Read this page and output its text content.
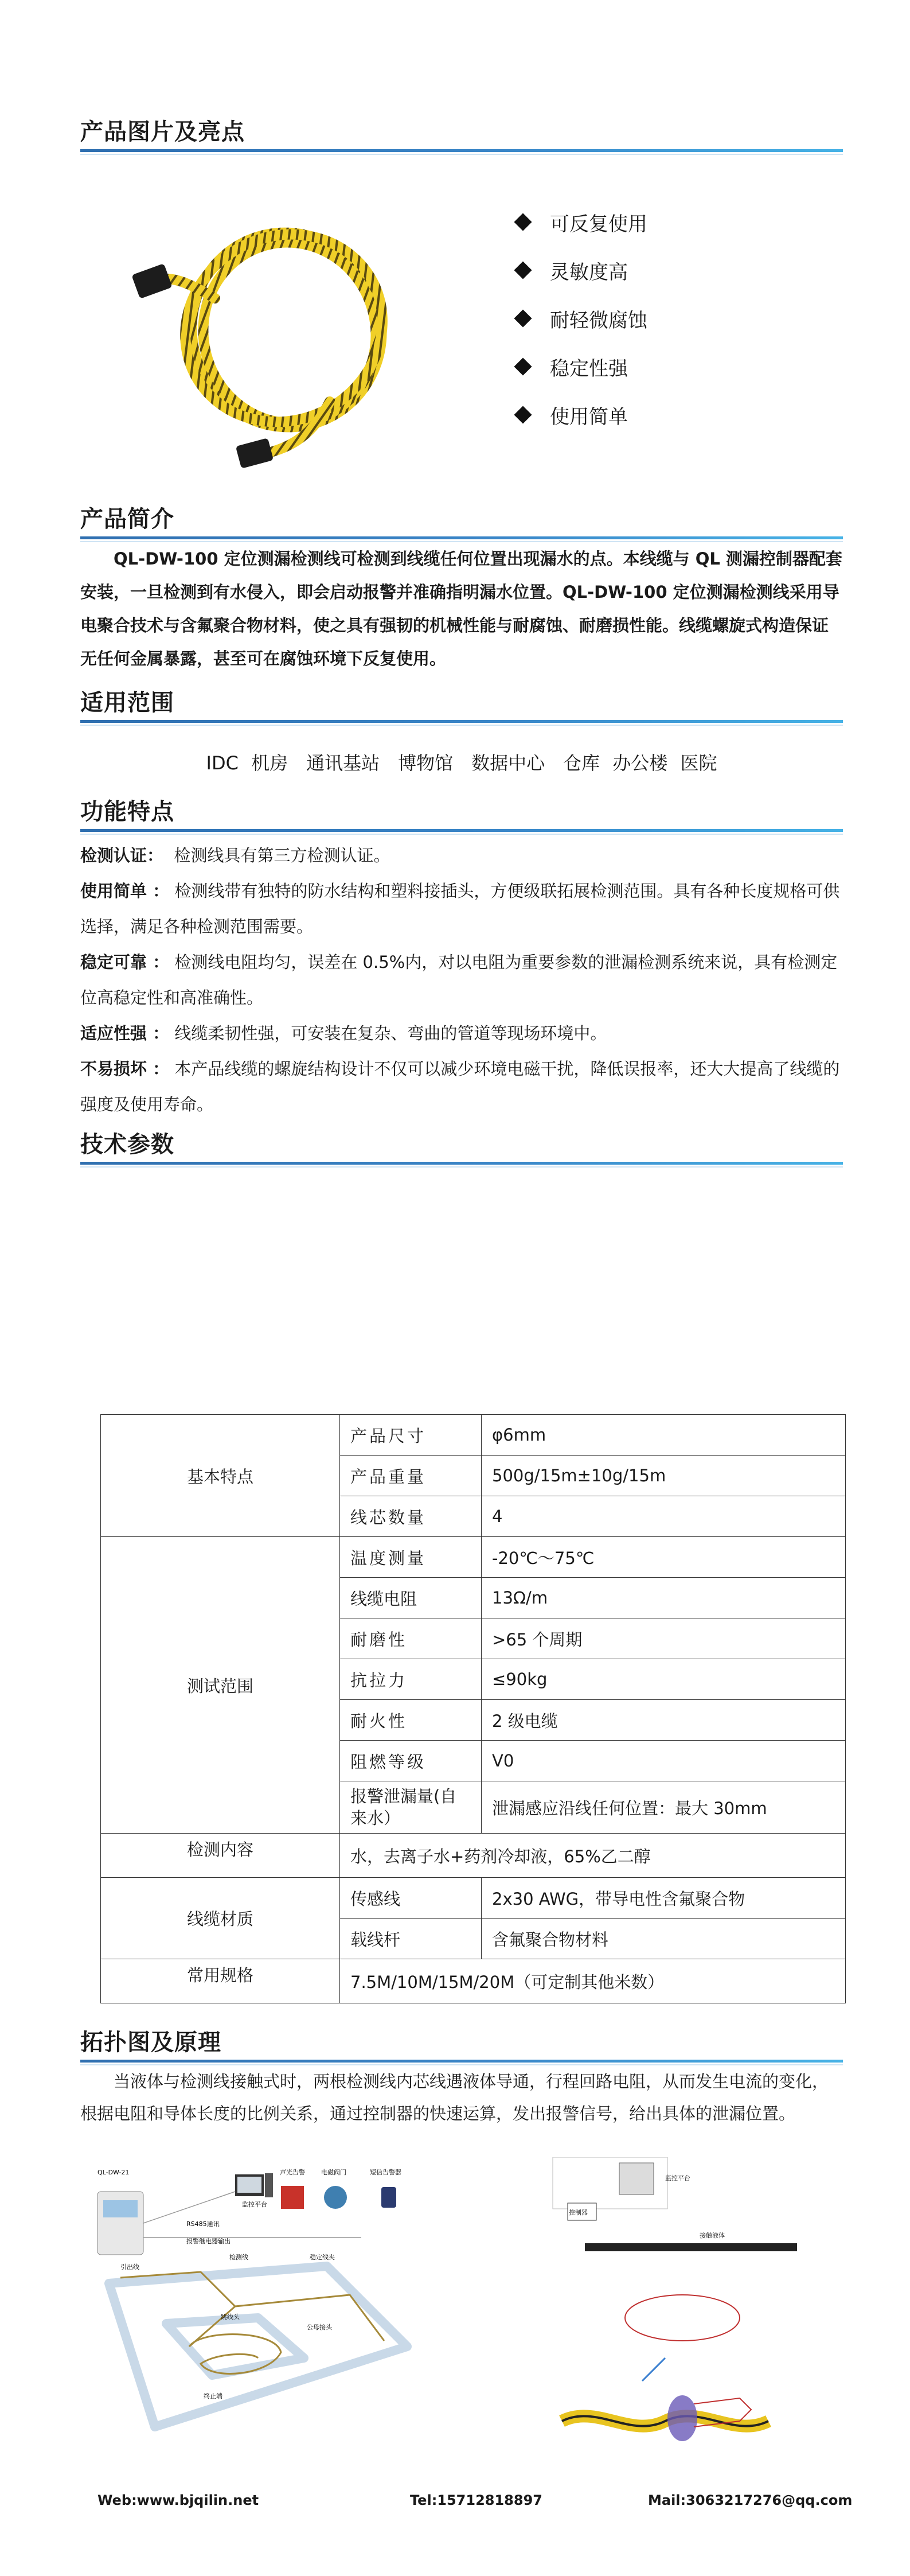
产品图片及亮点
可反复使用
灵敏度高
耐轻微腐蚀
稳定性强
使用简单
产品简介
QL-DW-100 定位测漏检测线可检测到线缆任何位置出现漏水的点。本线缆与 QL 测漏控制器配套安装，一旦检测到有水侵入，即会启动报警并准确指明漏水位置。QL-DW-100 定位测漏检测线采用导电聚合技术与含氟聚合物材料，使之具有强韧的机械性能与耐腐蚀、耐磨损性能。线缆螺旋式构造保证无任何金属暴露，甚至可在腐蚀环境下反复使用。
适用范围
IDC 机房　通讯基站　博物馆　数据中心　仓库 办公楼 医院
功能特点
检测认证： 检测线具有第三方检测认证。
使用简单 ： 检测线带有独特的防水结构和塑料接插头，方便级联拓展检测范围。具有各种长度规格可供选择，满足各种检测范围需要。
稳定可靠 ： 检测线电阻均匀，误差在 0.5%内，对以电阻为重要参数的泄漏检测系统来说，具有检测定位高稳定性和高准确性。
适应性强 ： 线缆柔韧性强，可安装在复杂、弯曲的管道等现场环境中。
不易损坏 ： 本产品线缆的螺旋结构设计不仅可以减少环境电磁干扰，降低误报率，还大大提高了线缆的强度及使用寿命。
技术参数
基本特点	产品尺寸	φ6mm
	产品重量	500g/15m±10g/15m
	线芯数量	4
测试范围	温度测量	-20℃～75℃
	线缆电阻	13Ω/m
	耐磨性	>65 个周期
	抗拉力	≤90kg
	耐火性	2 级电缆
	阻燃等级	V0
	报警泄漏量(自来水）	泄漏感应沿线任何位置：最大 30mm
检测内容	水，去离子水+药剂冷却液，65%乙二醇	
线缆材质	传感线	2x30 AWG，带导电性含氟聚合物
	载线杆	含氟聚合物材料
常用规格	7.5M/10M/15M/20M（可定制其他米数）	
拓扑图及原理
当液体与检测线接触式时，两根检测线内芯线遇液体导通，行程回路电阻，从而发生电流的变化，根据电阻和导体长度的比例关系，通过控制器的快速运算，发出报警信号，给出具体的泄漏位置。
QL-DW-21
监控平台
RS485通讯
报警继电器输出
声光告警	电磁阀门	短信告警器
引出线
检测线	稳定线夹
跳线头
公母接头
终止端
监控平台
控制器
接触液体
Web:www.bjqilin.net	Tel:15712818897	Mail:3063217276@qq.com
